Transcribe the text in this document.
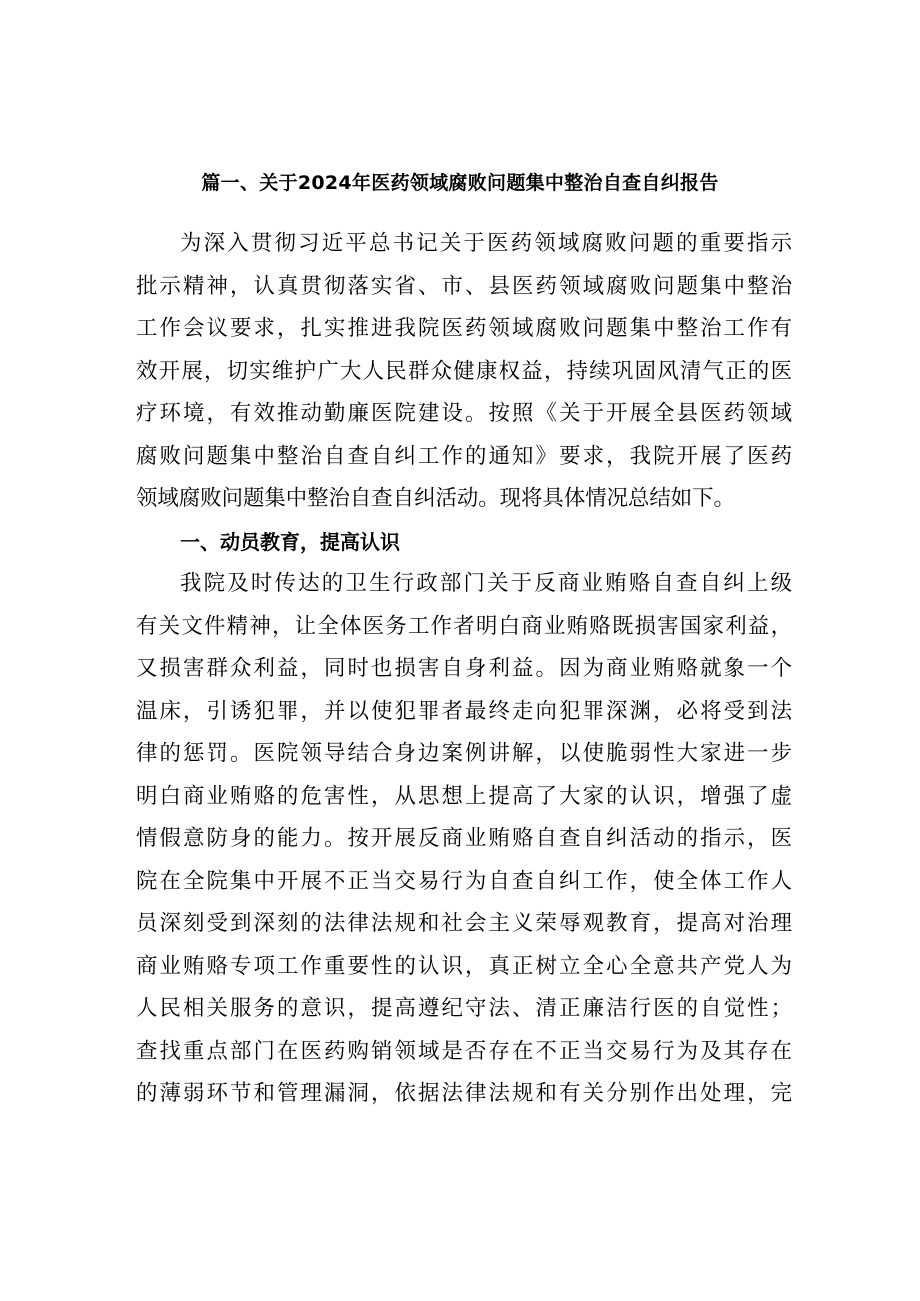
篇一、关于2024年医药领域腐败问题集中整治自查自纠报告
为深入贯彻习近平总书记关于医药领域腐败问题的重要指示
批示精神，认真贯彻落实省、市、县医药领域腐败问题集中整治
工作会议要求，扎实推进我院医药领域腐败问题集中整治工作有
效开展，切实维护广大人民群众健康权益，持续巩固风清气正的医
疗环境，有效推动勤廉医院建设。按照《关于开展全县医药领域
腐败问题集中整治自查自纠工作的通知》要求，我院开展了医药
领域腐败问题集中整治自查自纠活动。现将具体情况总结如下。
一、动员教育，提高认识
我院及时传达的卫生行政部门关于反商业贿赂自查自纠上级
有关文件精神，让全体医务工作者明白商业贿赂既损害国家利益，
又损害群众利益，同时也损害自身利益。因为商业贿赂就象一个
温床，引诱犯罪，并以使犯罪者最终走向犯罪深渊，必将受到法
律的惩罚。医院领导结合身边案例讲解，以使脆弱性大家进一步
明白商业贿赂的危害性，从思想上提高了大家的认识，增强了虚
情假意防身的能力。按开展反商业贿赂自查自纠活动的指示，医
院在全院集中开展不正当交易行为自查自纠工作，使全体工作人
员深刻受到深刻的法律法规和社会主义荣辱观教育，提高对治理
商业贿赂专项工作重要性的认识，真正树立全心全意共产党人为
人民相关服务的意识，提高遵纪守法、清正廉洁行医的自觉性；
查找重点部门在医药购销领域是否存在不正当交易行为及其存在
的薄弱环节和管理漏洞，依据法律法规和有关分别作出处理，完
